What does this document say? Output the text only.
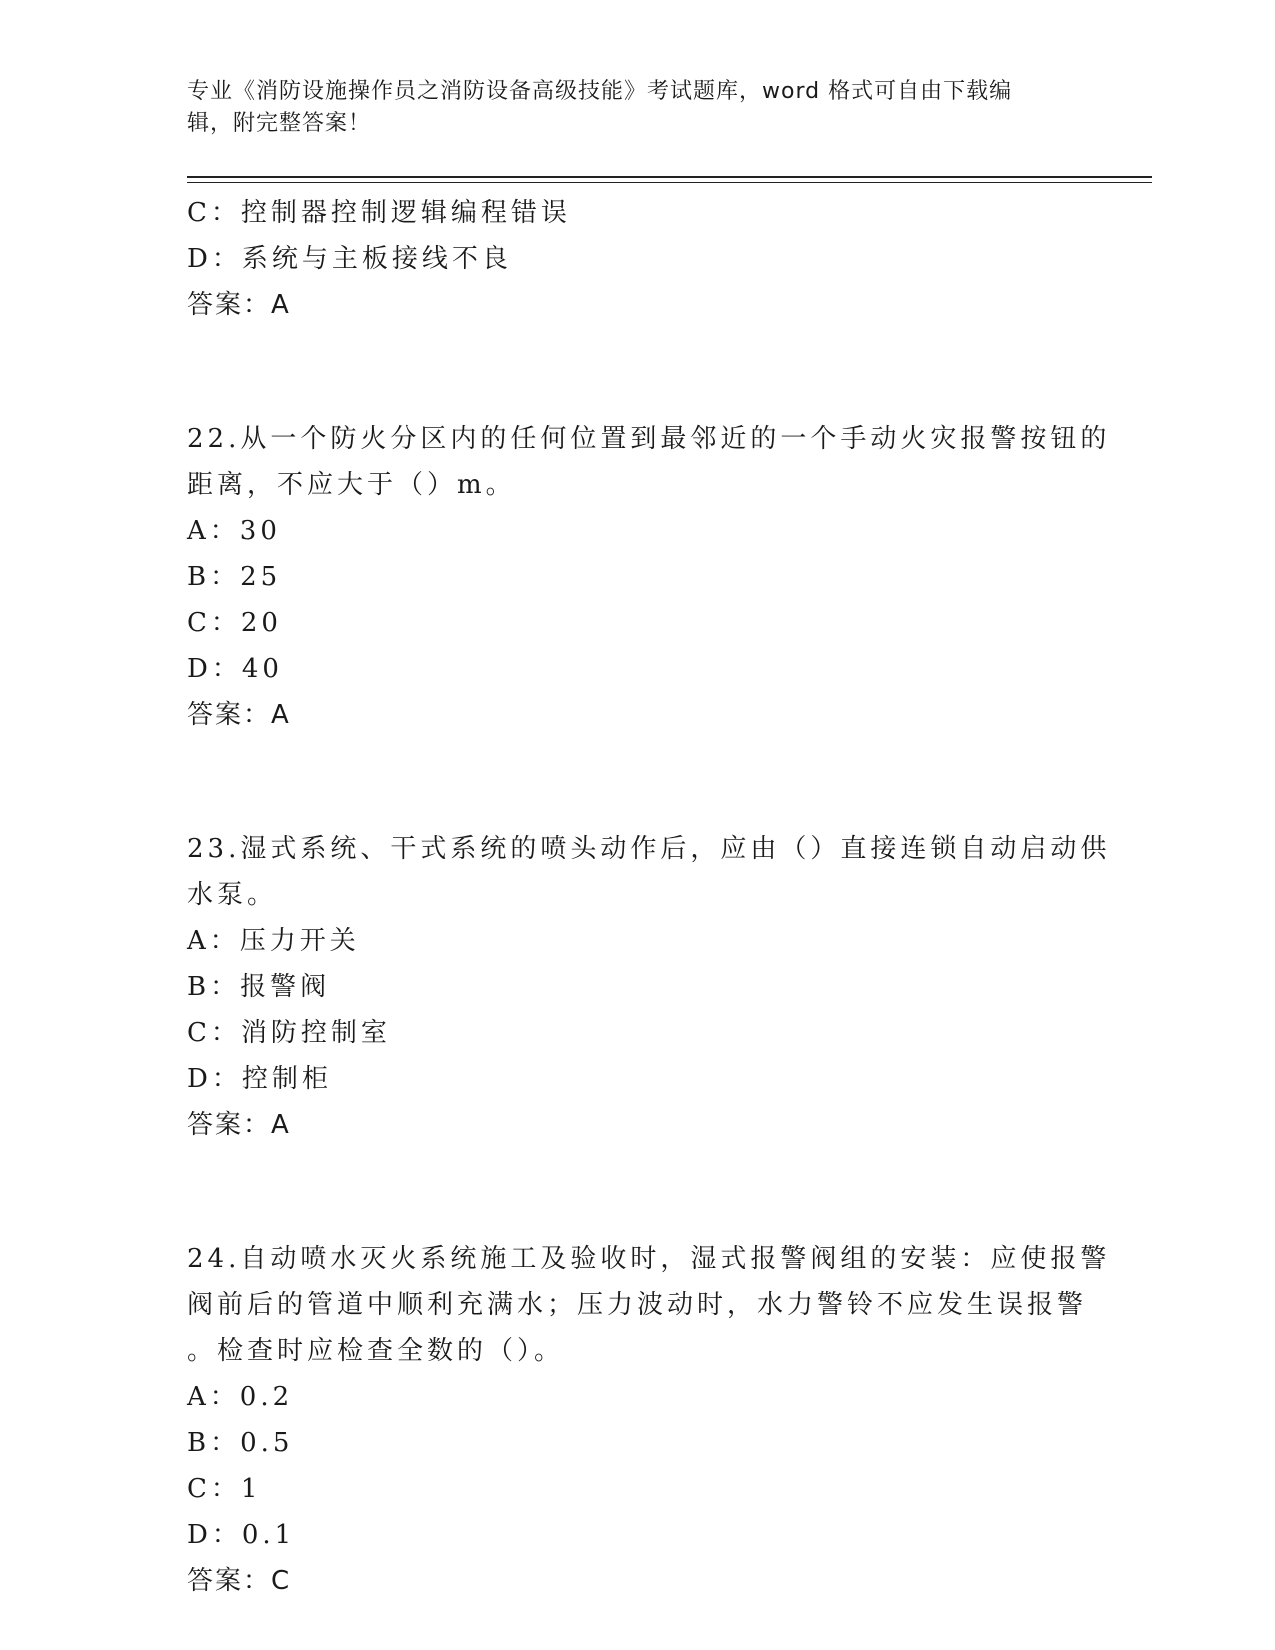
专业《消防设施操作员之消防设备高级技能》考试题库，word 格式可自由下载编
辑，附完整答案！
C：控制器控制逻辑编程错误
D：系统与主板接线不良
答案：A
22.从一个防火分区内的任何位置到最邻近的一个手动火灾报警按钮的
距离，不应大于（）m。
A：30
B：25
C：20
D：40
答案：A
23.湿式系统、干式系统的喷头动作后，应由（）直接连锁自动启动供
水泵。
A：压力开关
B：报警阀
C：消防控制室
D：控制柜
答案：A
24.自动喷水灭火系统施工及验收时，湿式报警阀组的安装：应使报警
阀前后的管道中顺利充满水；压力波动时，水力警铃不应发生误报警
。检查时应检查全数的（）。
A：0.2
B：0.5
C：1
D：0.1
答案：C
